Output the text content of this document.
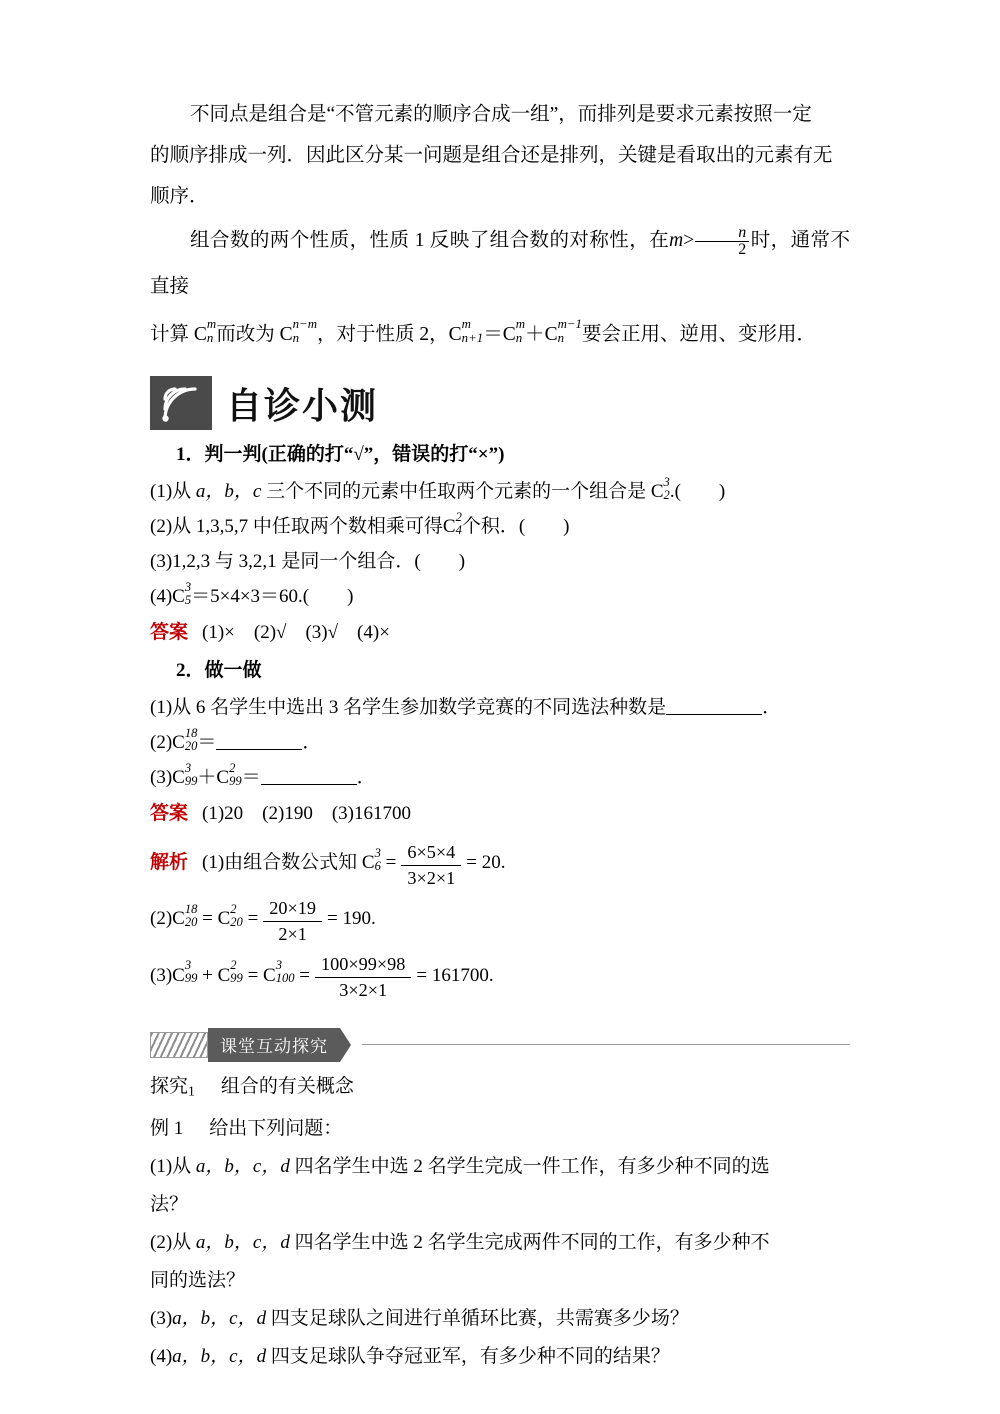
不同点是组合是“不管元素的顺序合成一组”，而排列是要求元素按照一定
的顺序排成一列．因此区分某一问题是组合还是排列，关键是看取出的元素有无
顺序．
组合数的两个性质，性质 1 反映了组合数的对称性，在$m> \frac{n}{2}$ 时，通常不直接
计算 C m
n 而改为 C n−m
n ，对于性质 2，C m
n+1 ＝C m
n ＋C m−1
n 要会正用、逆用、变形用．
自诊小测
1．判一判(正确的打“√”，错误的打“×”)
(1)从 a，b，c 三个不同的元素中任取两个元素的一个组合是 C 3
2 .(　　)
(2)从 1,3,5,7 中任取两个数相乘可得C 2
4 个积．(　　)
(3)1,2,3 与 3,2,1 是同一个组合．(　　)
(4)C 3
5 ＝5×4×3＝60.(　　)
答案 (1)×　(2)√　(3)√　(4)×
2．做一做
(1)从 6 名学生中选出 3 名学生参加数学竞赛的不同选法种数是	．
(2)C 18
20 ＝	．
(3)C 3
99 ＋C 2
99 ＝	．
答案 (1)20　(2)190　(3)161700
解析 (1)由组合数公式知 C 3
$6 = \frac{6\times 5\times 4}{3\times 2\times 1} = 20$.
(2)C 18
20 = C 2
$20 = \frac{20\times 19}{2\times 1} = 190$.
(3)C 3
99 + C 2
99 = C 3
$100 = \frac{100\times 99\times 98}{3\times 2\times 1} = 161700$.
课堂互动探究
探究1 组合的有关概念
例 1 给出下列问题：
(1)从 a，b，c，d 四名学生中选 2 名学生完成一件工作，有多少种不同的选
法？
(2)从 a，b，c，d 四名学生中选 2 名学生完成两件不同的工作，有多少种不
同的选法？
(3)a，b，c，d 四支足球队之间进行单循环比赛，共需赛多少场？
(4)a，b，c，d 四支足球队争夺冠亚军，有多少种不同的结果？
